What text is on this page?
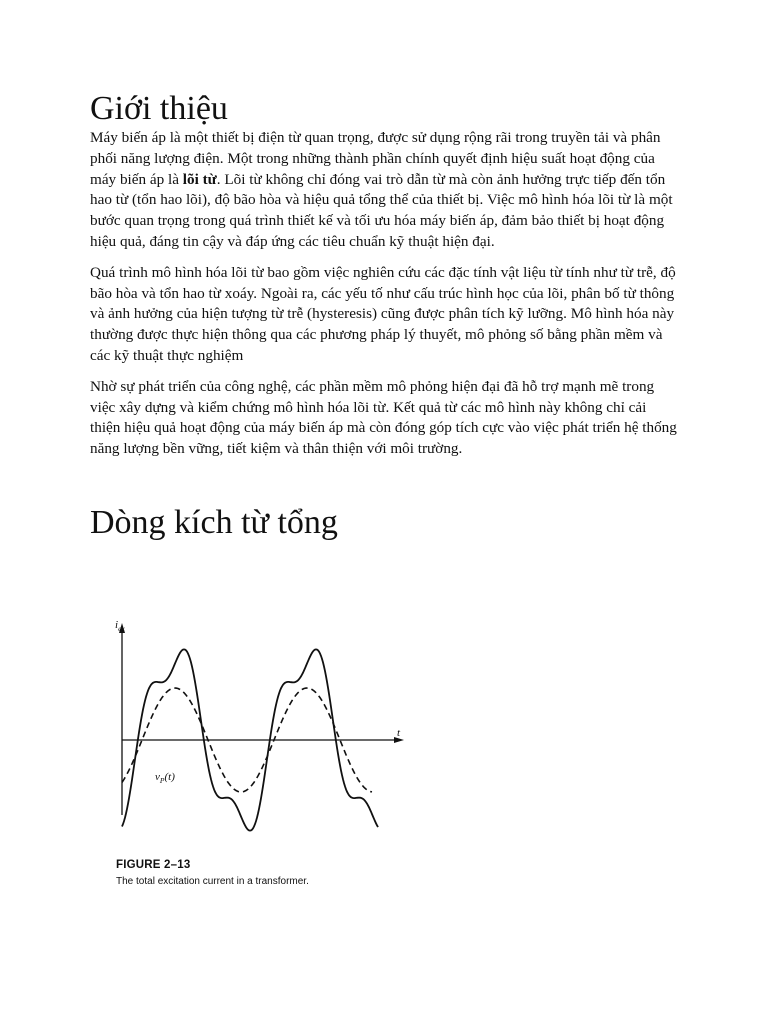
Giới thiệu

Máy biến áp là một thiết bị điện từ quan trọng, được sử dụng rộng rãi trong truyền tải và phân phối năng lượng điện. Một trong những thành phần chính quyết định hiệu suất hoạt động của máy biến áp là lõi từ. Lõi từ không chỉ đóng vai trò dẫn từ mà còn ảnh hưởng trực tiếp đến tổn hao từ (tổn hao lõi), độ bão hòa và hiệu quả tổng thể của thiết bị. Việc mô hình hóa lõi từ là một bước quan trọng trong quá trình thiết kế và tối ưu hóa máy biến áp, đảm bảo thiết bị hoạt động hiệu quả, đáng tin cậy và đáp ứng các tiêu chuẩn kỹ thuật hiện đại.

Quá trình mô hình hóa lõi từ bao gồm việc nghiên cứu các đặc tính vật liệu từ tính như từ trễ, độ bão hòa và tổn hao từ xoáy. Ngoài ra, các yếu tố như cấu trúc hình học của lõi, phân bố từ thông và ảnh hưởng của hiện tượng từ trễ (hysteresis) cũng được phân tích kỹ lưỡng. Mô hình hóa này thường được thực hiện thông qua các phương pháp lý thuyết, mô phỏng số bằng phần mềm và các kỹ thuật thực nghiệm

Nhờ sự phát triển của công nghệ, các phần mềm mô phỏng hiện đại đã hỗ trợ mạnh mẽ trong việc xây dựng và kiểm chứng mô hình hóa lõi từ. Kết quả từ các mô hình này không chỉ cải thiện hiệu quả hoạt động của máy biến áp mà còn đóng góp tích cực vào việc phát triển hệ thống năng lượng bền vững, tiết kiệm và thân thiện với môi trường.

Dòng kích từ tổng
$i_{ex}$
t
$v_P(t)$
FIGURE 2–13
The total excitation current in a transformer.
